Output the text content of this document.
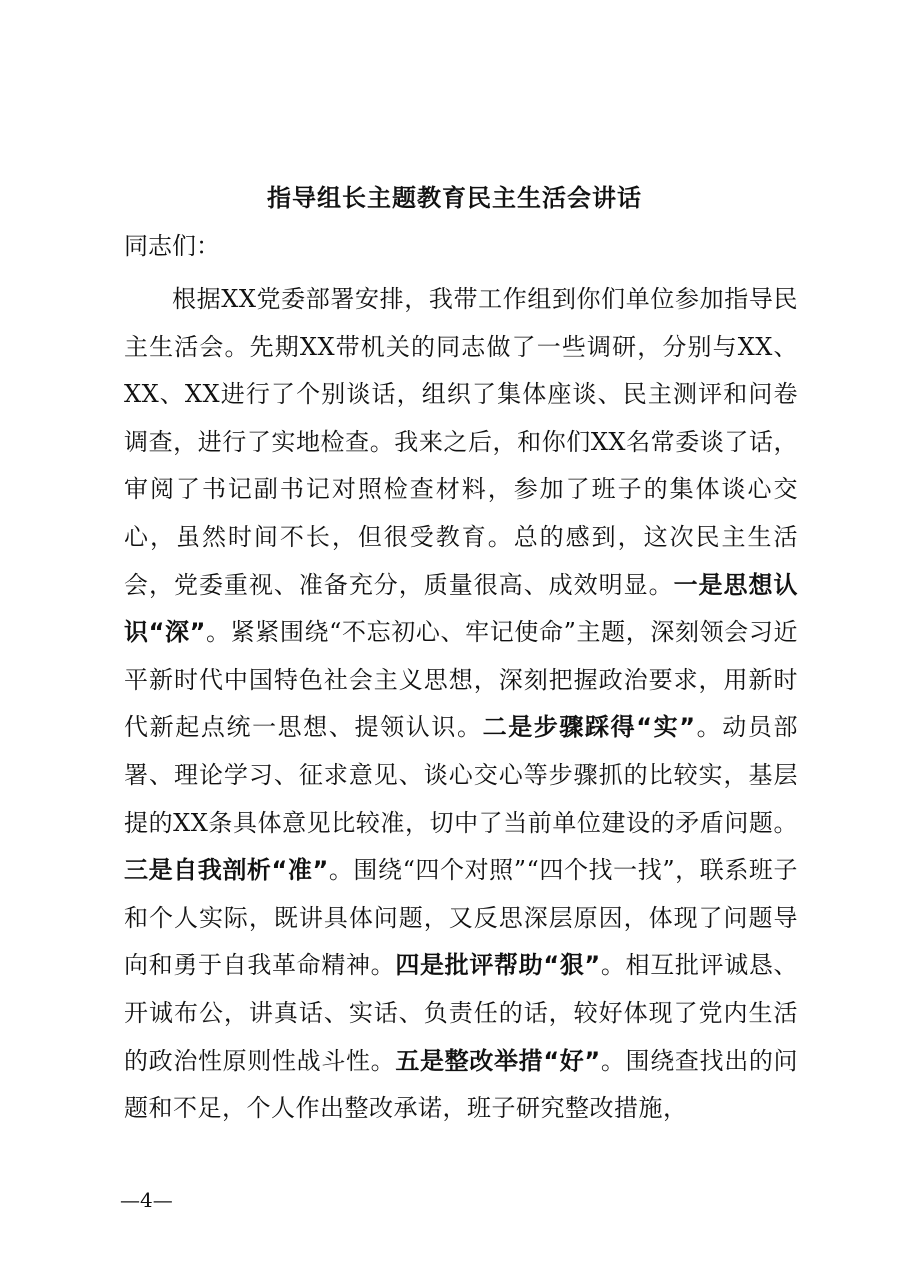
指导组长主题教育民主生活会讲话
同志们：

根据XX党委部署安排，我带工作组到你们单位参加指导民主生活会。先期XX带机关的同志做了一些调研，分别与XX、XX、XX进行了个别谈话，组织了集体座谈、民主测评和问卷调查，进行了实地检查。我来之后，和你们XX名常委谈了话，审阅了书记副书记对照检查材料，参加了班子的集体谈心交心，虽然时间不长，但很受教育。总的感到，这次民主生活会，党委重视、准备充分，质量很高、成效明显。一是思想认识“深”。紧紧围绕“不忘初心、牢记使命”主题，深刻领会习近平新时代中国特色社会主义思想，深刻把握政治要求，用新时代新起点统一思想、提领认识。二是步骤踩得“实”。动员部署、理论学习、征求意见、谈心交心等步骤抓的比较实，基层提的XX条具体意见比较准，切中了当前单位建设的矛盾问题。三是自我剖析“准”。围绕“四个对照”“四个找一找”，联系班子和个人实际，既讲具体问题，又反思深层原因，体现了问题导向和勇于自我革命精神。四是批评帮助“狠”。相互批评诚恳、开诚布公，讲真话、实话、负责任的话，较好体现了党内生活的政治性原则性战斗性。五是整改举措“好”。围绕查找出的问题和不足，个人作出整改承诺，班子研究整改措施，

—4—
